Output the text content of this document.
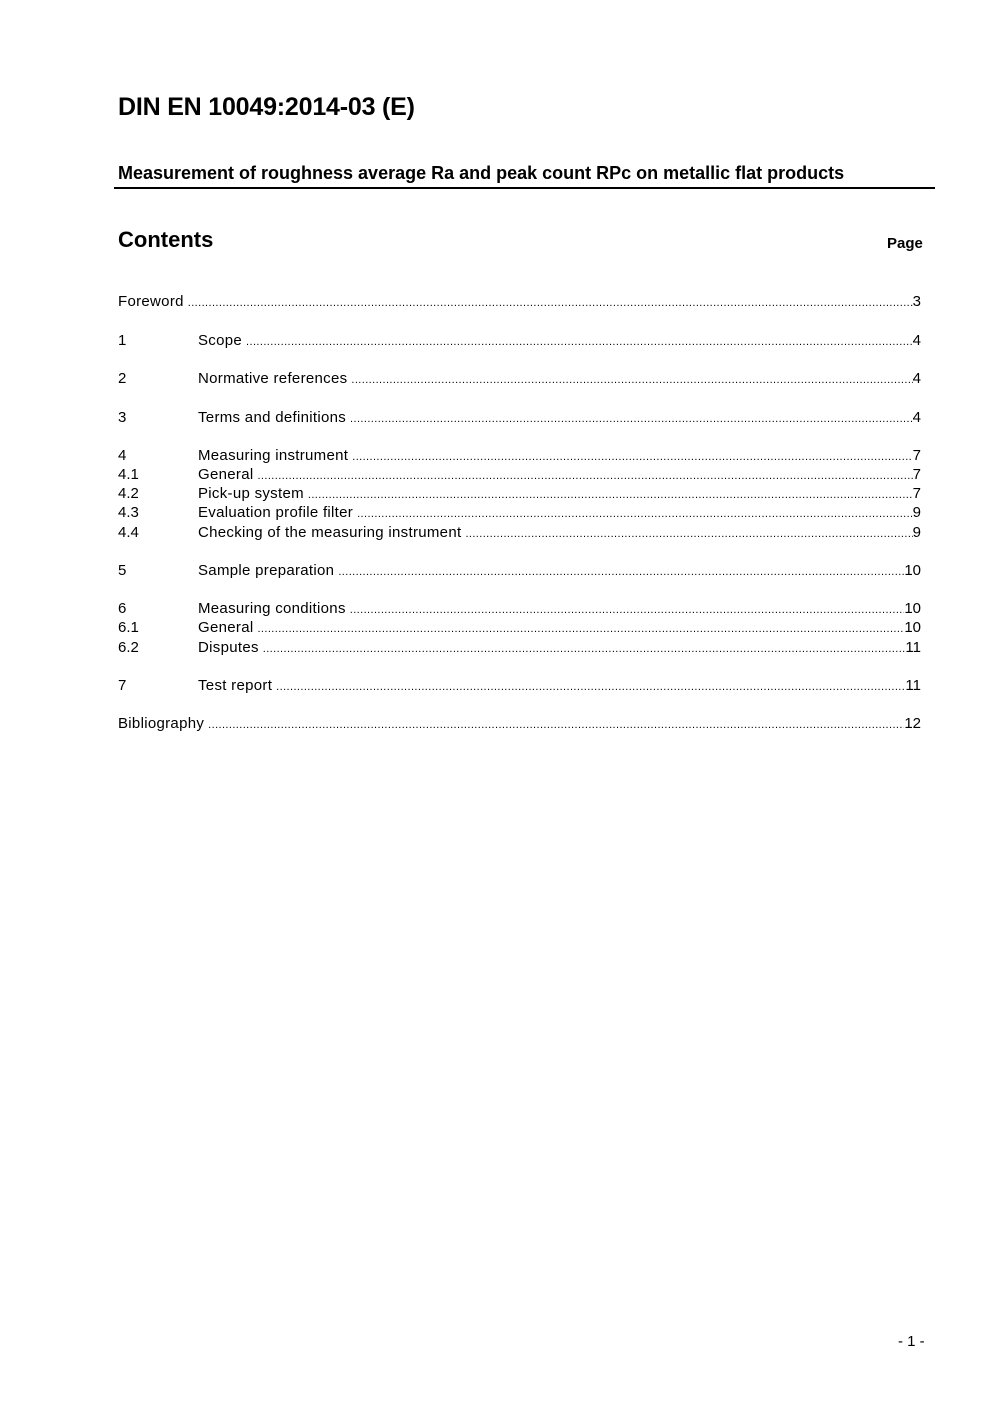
DIN EN 10049:2014-03 (E)
Measurement of roughness average Ra and peak count RPc on metallic flat products
Contents	Page
Foreword .....	3
1	Scope .....	4
2	Normative references .....	4
3	Terms and definitions .....	4
4	Measuring instrument .....	7
4.1	General .....	7
4.2	Pick-up system .....	7
4.3	Evaluation profile filter .....	9
4.4	Checking of the measuring instrument .....	9
5	Sample preparation .....	10
6	Measuring conditions .....	10
6.1	General .....	10
6.2	Disputes .....	11
7	Test report .....	11
Bibliography .....	12
- 1 -
